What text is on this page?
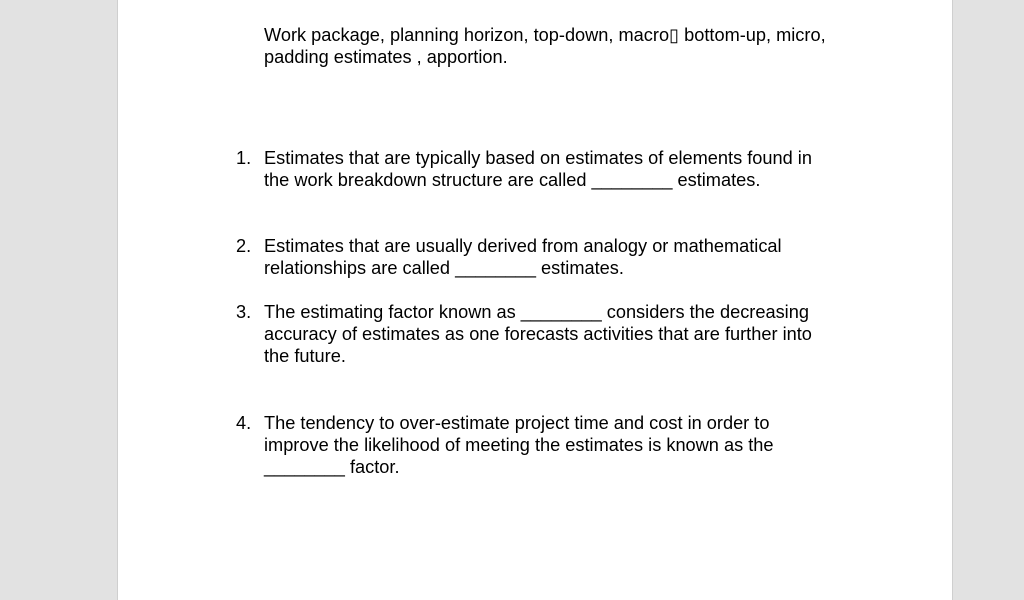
Work package, planning horizon, top-down, macro▯ bottom-up, micro,
padding estimates , apportion.
1. Estimates that are typically based on estimates of elements found in
the work breakdown structure are called ________ estimates.
2. Estimates that are usually derived from analogy or mathematical
relationships are called ________ estimates.
3. The estimating factor known as ________ considers the decreasing
accuracy of estimates as one forecasts activities that are further into
the future.
4. The tendency to over-estimate project time and cost in order to
improve the likelihood of meeting the estimates is known as the
________ factor.
